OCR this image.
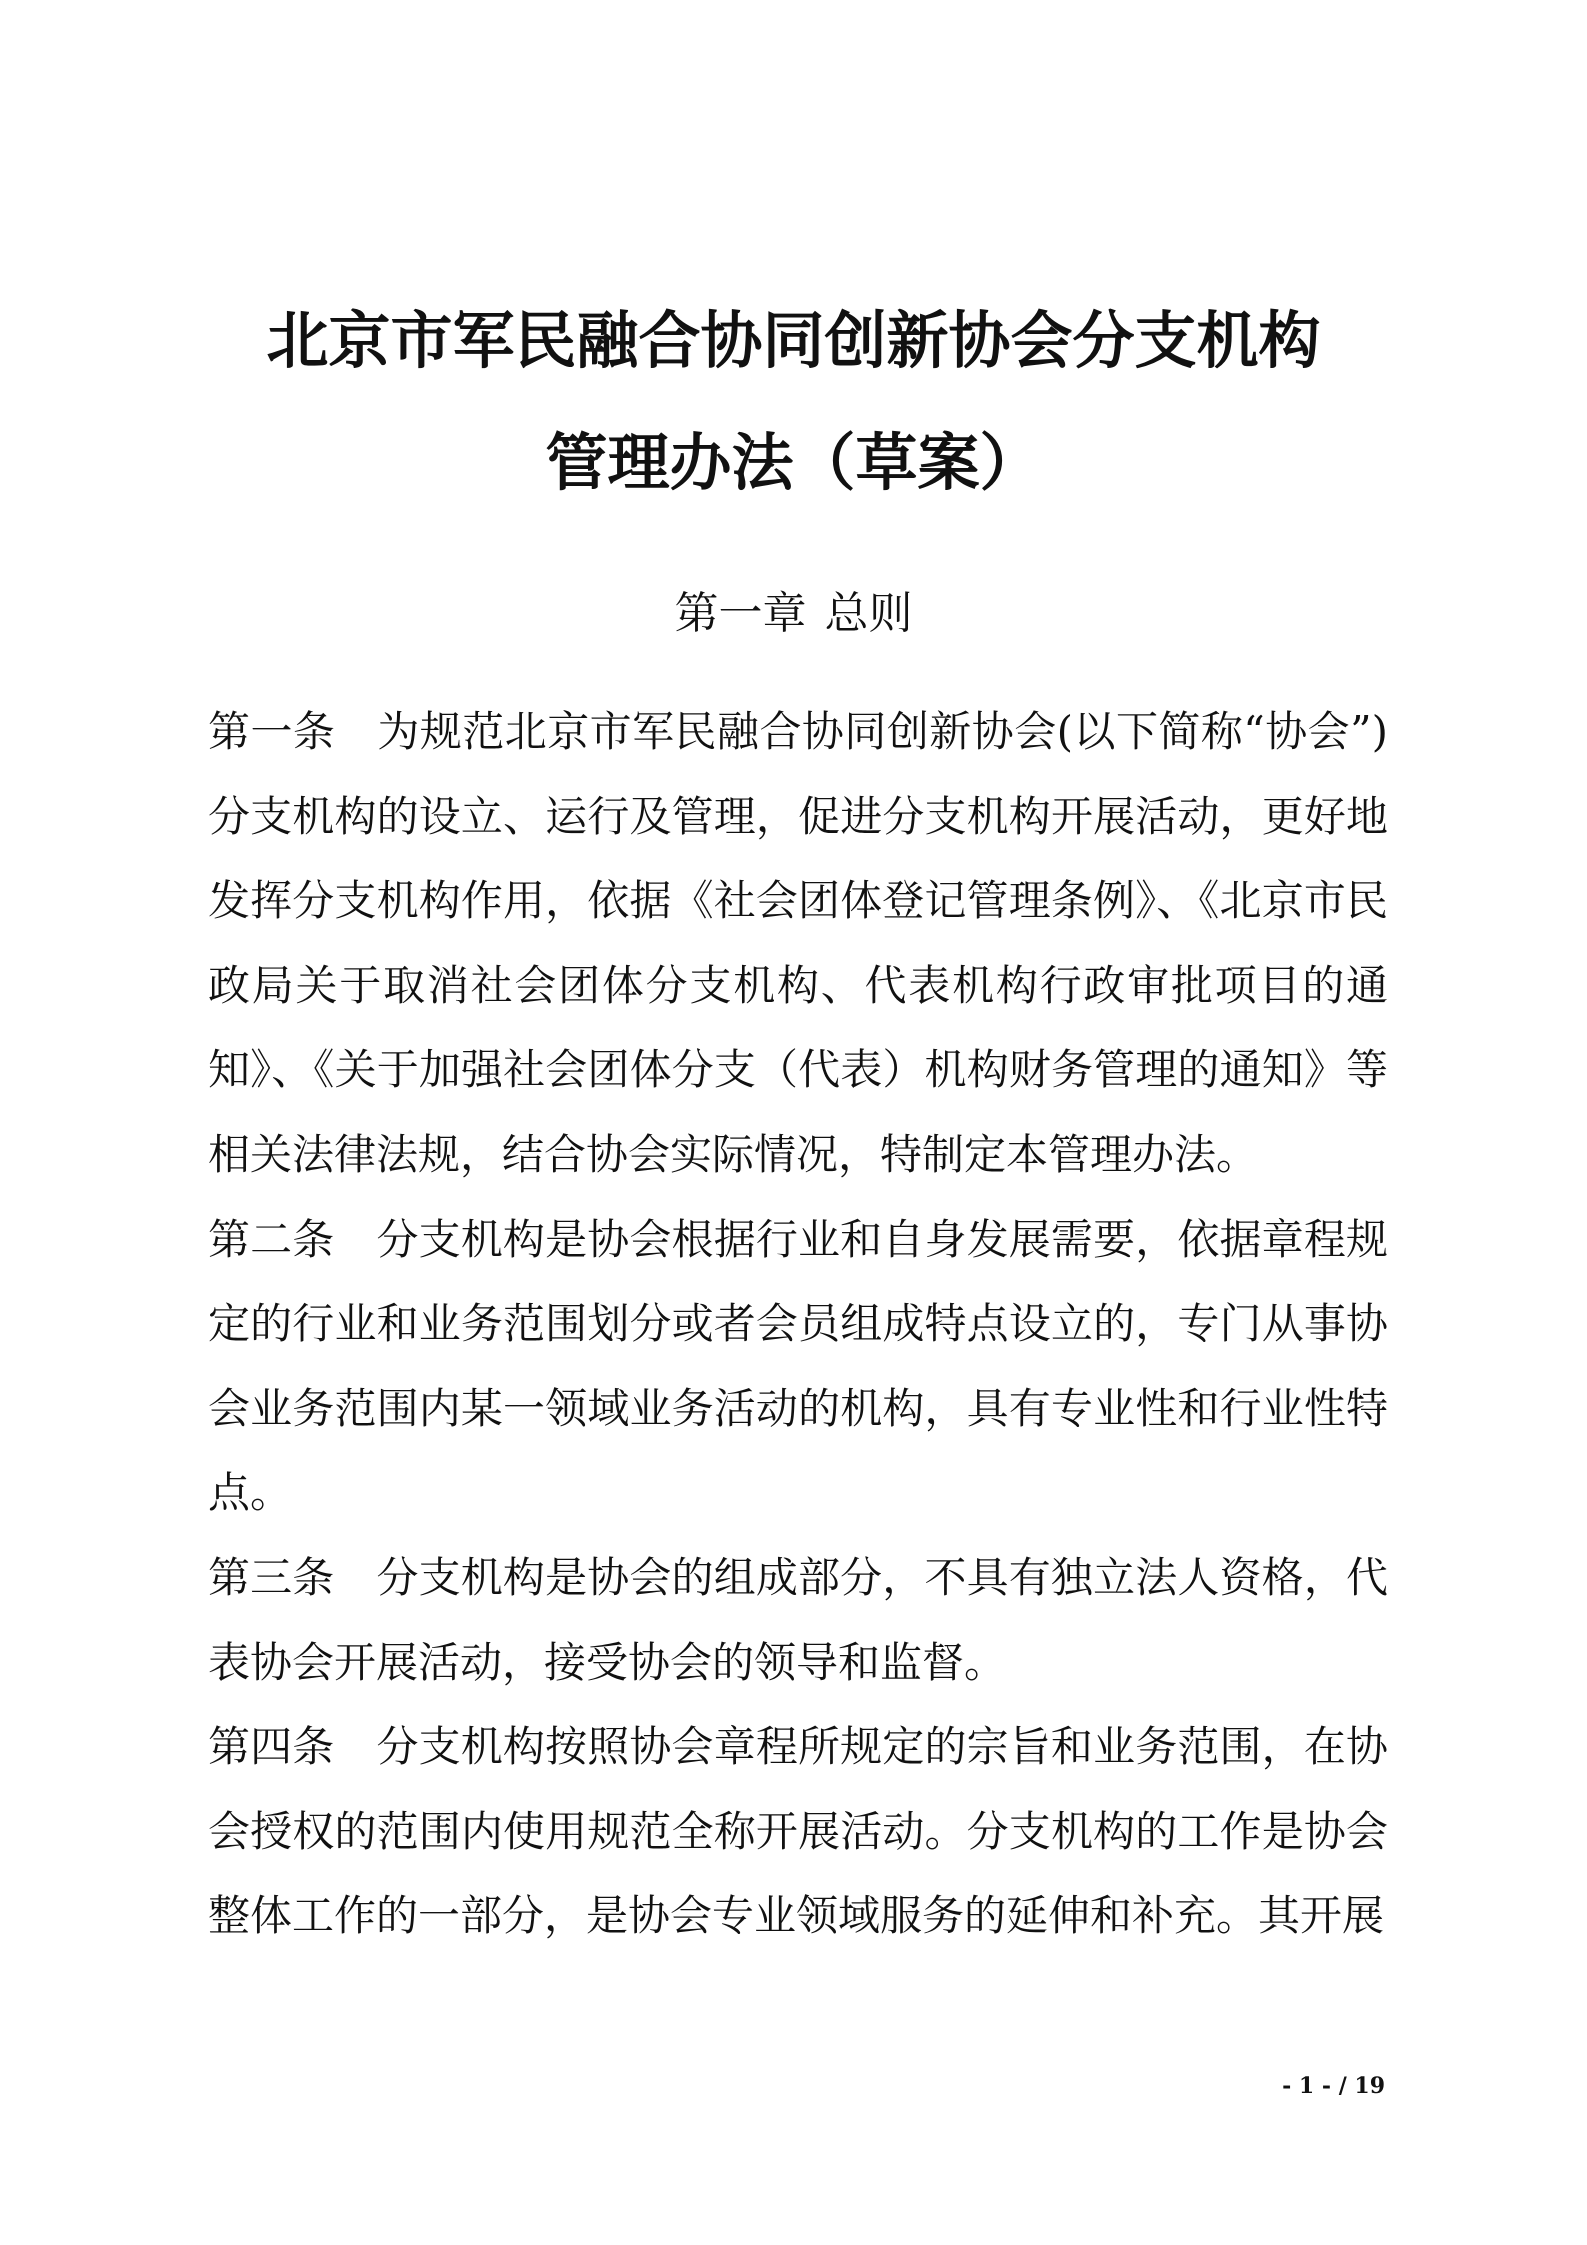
北京市军民融合协同创新协会分支机构
管理办法（草案）
第一章 总则

第一条 为规范北京市军民融合协同创新协会(以下简称“协会”)分支机构的设立、运行及管理，促进分支机构开展活动，更好地发挥分支机构作用，依据《社会团体登记管理条例》、《北京市民政局关于取消社会团体分支机构、代表机构行政审批项目的通知》、《关于加强社会团体分支（代表）机构财务管理的通知》等相关法律法规，结合协会实际情况，特制定本管理办法。

第二条 分支机构是协会根据行业和自身发展需要，依据章程规定的行业和业务范围划分或者会员组成特点设立的，专门从事协会业务范围内某一领域业务活动的机构，具有专业性和行业性特点。

第三条 分支机构是协会的组成部分，不具有独立法人资格，代表协会开展活动，接受协会的领导和监督。

第四条 分支机构按照协会章程所规定的宗旨和业务范围，在协会授权的范围内使用规范全称开展活动。分支机构的工作是协会整体工作的一部分，是协会专业领域服务的延伸和补充。其开展

- 1 - / 19
